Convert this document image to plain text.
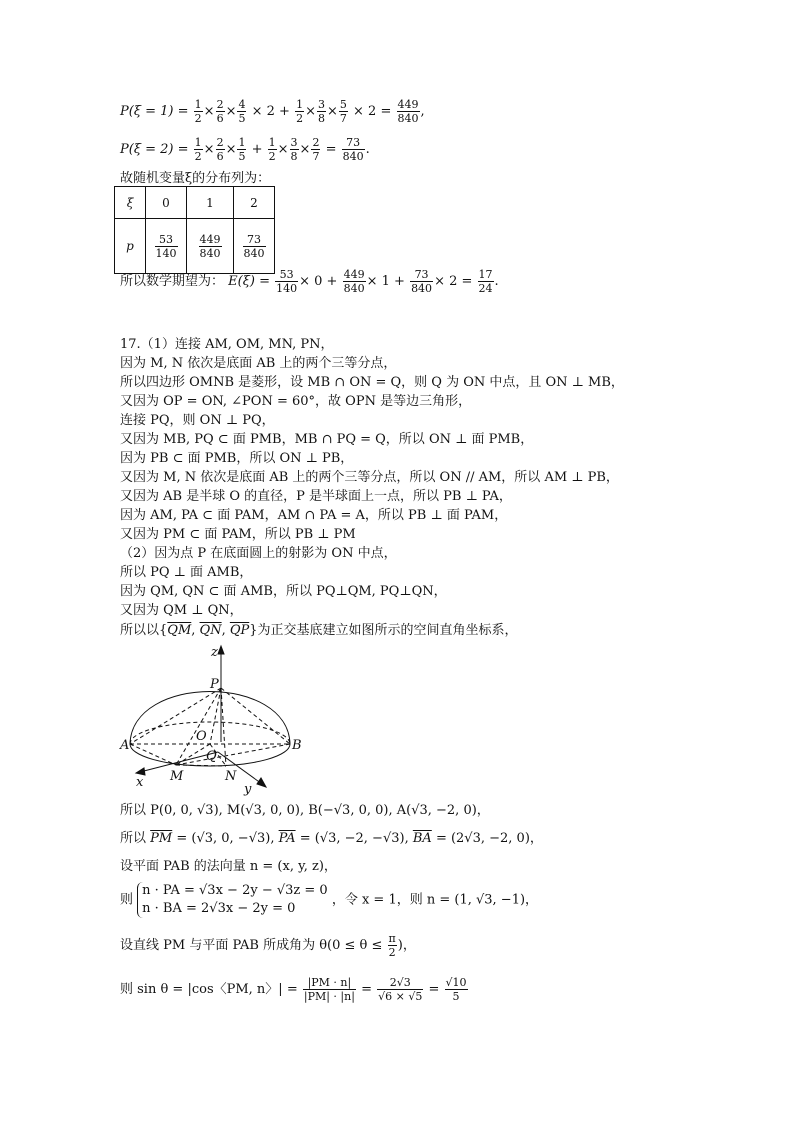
$P(\xi = 1) = \frac{1}{2} \times \frac{2}{6} \times \frac{4}{5} \times 2 + \frac{1}{2} \times \frac{3}{8} \times \frac{5}{7} \times 2 = \frac{449}{840}$ ,
$P(\xi = 2) = \frac{1}{2} \times \frac{2}{6} \times \frac{1}{5} + \frac{1}{2} \times \frac{3}{8} \times \frac{2}{7} = \frac{73}{840}$ .
故随机变量ξ的分布列为：
ξ	0	1	2
p	$\frac{53}{140}$	$\frac{449}{840}$	$\frac{73}{840}$
所以数学期望为： $E(\xi) = \frac{53}{140} \times 0 + \frac{449}{840} \times 1 + \frac{73}{840} \times 2 = \frac{17}{24}$ .
17.（1）连接 AM, OM, MN, PN，
因为 M, N 依次是底面 AB 上的两个三等分点，
所以四边形 OMNB 是菱形，设 MB ∩ ON = Q，则 Q 为 ON 中点，且 ON ⊥ MB，
又因为 OP = ON, ∠PON = 60°，故 OPN 是等边三角形，
连接 PQ，则 ON ⊥ PQ，
又因为 MB, PQ ⊂ 面 PMB，MB ∩ PQ = Q，所以 ON ⊥ 面 PMB，
因为 PB ⊂ 面 PMB，所以 ON ⊥ PB，
又因为 M, N 依次是底面 AB 上的两个三等分点，所以 ON // AM，所以 AM ⊥ PB，
又因为 AB 是半球 O 的直径，P 是半球面上一点，所以 PB ⊥ PA，
因为 AM, PA ⊂ 面 PAM，AM ∩ PA = A，所以 PB ⊥ 面 PAM，
又因为 PM ⊂ 面 PAM，所以 PB ⊥ PM
（2）因为点 P 在底面圆上的射影为 ON 中点，
所以 PQ ⊥ 面 AMB，
因为 QM, QN ⊂ 面 AMB，所以 PQ⊥QM, PQ⊥QN，
又因为 QM ⊥ QN，
所以以{$\overline{QM}$, $\overline{QN}$, $\overline{QP}$}为正交基底建立如图所示的空间直角坐标系，
z
P
O
Q
A	B
M	N
x	y
所以 P(0, 0, √3), M(√3, 0, 0), B(−√3, 0, 0), A(√3, −2, 0)，
所以 $\overline{PM} = (√3$, 0, −√3), $\overline{PA} = (√3$, −2, −√3), $\overline{BA} = (2√3$, −2, 0)，
设平面 PAB 的法向量 n = (x, y, z)，
则
n · PA = √3x − 2y − √3z = 0
n · BA = 2√3x − 2y = 0
，令 x = 1，则 n = (1, √3, −1)，
设直线 PM 与平面 PAB 所成角为 $\theta(0 \le \theta \le \frac{\pi}{2}$ )，
则 sin θ = |cos〈PM, n〉| = $\frac{|PM \cdot n|}{|PM| \cdot |n|} = \frac{2√3}{√6 \times √5} = \frac{√10}{5}$
